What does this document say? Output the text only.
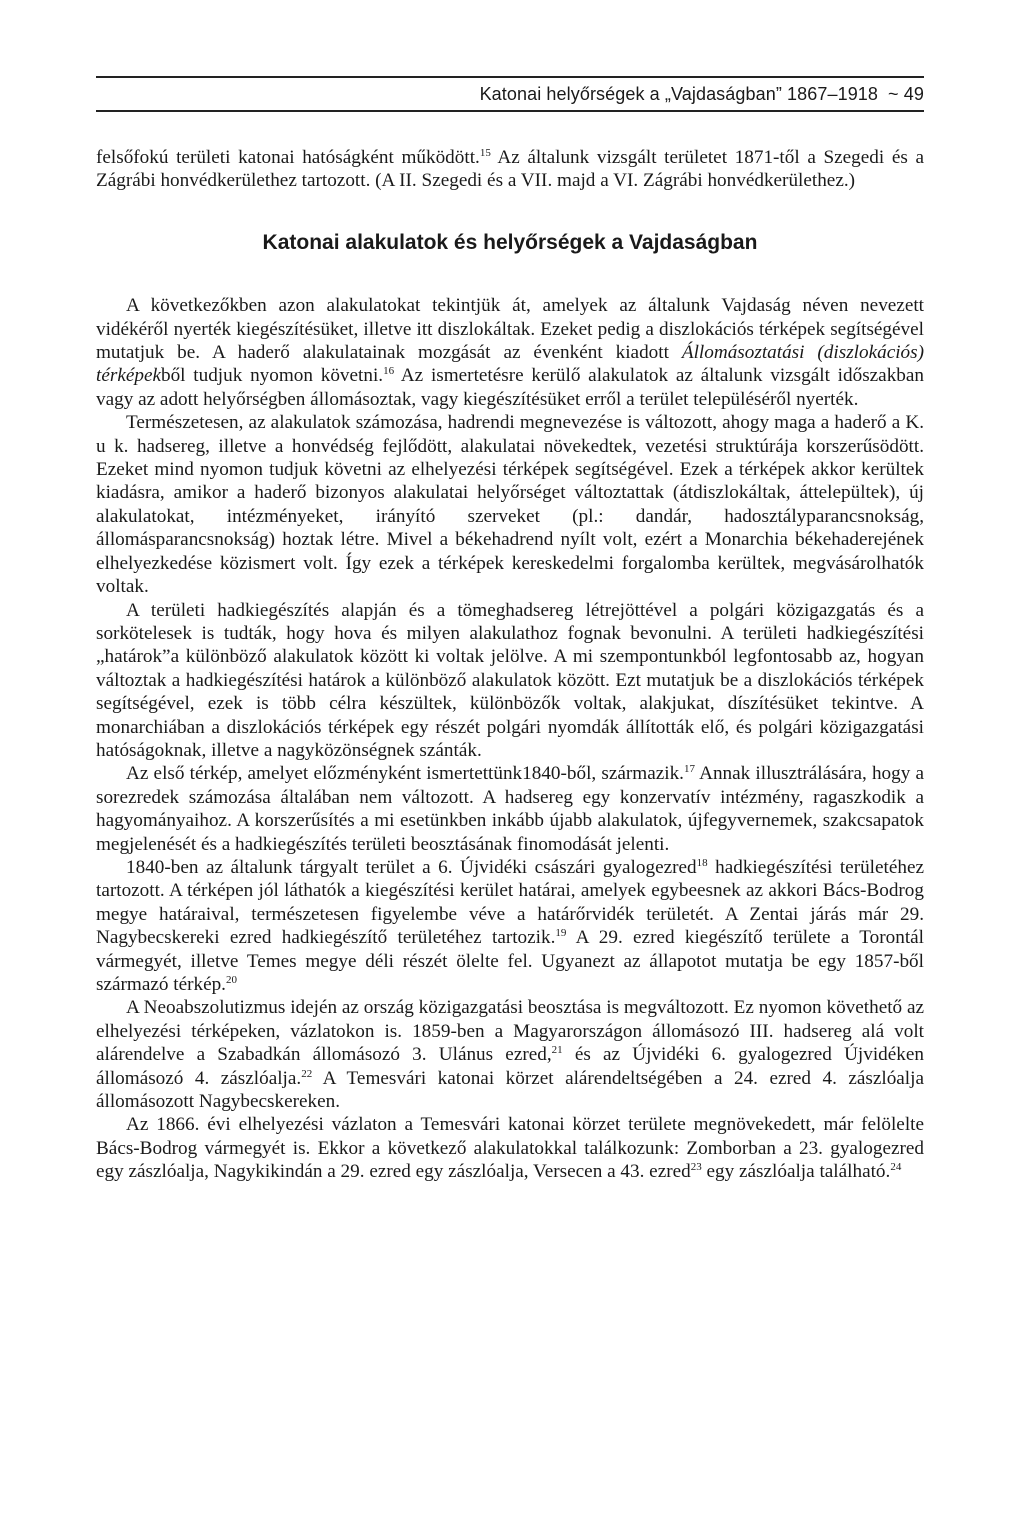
Katonai helyőrségek a „Vajdaságban” 1867–1918 ~ 49

felsőfokú területi katonai hatóságként működött.$^{15}$ Az általunk vizsgált területet 1871-től a Szegedi és a Zágrábi honvédkerülethez tartozott. (A II. Szegedi és a VII. majd a VI. Zágrábi honvédkerülethez.)

Katonai alakulatok és helyőrségek a Vajdaságban

A következőkben azon alakulatokat tekintjük át, amelyek az általunk Vajdaság néven nevezett vidékéről nyerték kiegészítésüket, illetve itt diszlokáltak. Ezeket pedig a diszlokációs térképek segítségével mutatjuk be. A haderő alakulatainak mozgását az évenként kiadott Állomásoztatási (diszlokációs) térképekből tudjuk nyomon követni.$^{16}$ Az ismertetésre kerülő alakulatok az általunk vizsgált időszakban vagy az adott helyőrségben állomásoztak, vagy kiegészítésüket erről a terület településéről nyerték.

Természetesen, az alakulatok számozása, hadrendi megnevezése is változott, ahogy maga a haderő a K. u k. hadsereg, illetve a honvédség fejlődött, alakulatai növekedtek, vezetési struktúrája korszerűsödött. Ezeket mind nyomon tudjuk követni az elhelyezési térképek segítségével. Ezek a térképek akkor kerültek kiadásra, amikor a haderő bizonyos alakulatai helyőrséget változtattak (átdiszlokáltak, áttelepültek), új alakulatokat, intézményeket, irányító szerveket (pl.: dandár, hadosztályparancsnokság, állomásparancsnokság) hoztak létre. Mivel a békehadrend nyílt volt, ezért a Monarchia békehaderejének elhelyezkedése közismert volt. Így ezek a térképek kereskedelmi forgalomba kerültek, megvásárolhatók voltak.

A területi hadkiegészítés alapján és a tömeghadsereg létrejöttével a polgári közigazgatás és a sorkötelesek is tudták, hogy hova és milyen alakulathoz fognak bevonulni. A területi hadkiegészítési „határok”a különböző alakulatok között ki voltak jelölve. A mi szempontunkból legfontosabb az, hogyan változtak a hadkiegészítési határok a különböző alakulatok között. Ezt mutatjuk be a diszlokációs térképek segítségével, ezek is több célra készültek, különbözők voltak, alakjukat, díszítésüket tekintve. A monarchiában a diszlokációs térképek egy részét polgári nyomdák állították elő, és polgári közigazgatási hatóságoknak, illetve a nagyközönségnek szánták.

Az első térkép, amelyet előzményként ismertettünk1840-ből, származik.$^{17}$ Annak illusztrálására, hogy a sorezredek számozása általában nem változott. A hadsereg egy konzervatív intézmény, ragaszkodik a hagyományaihoz. A korszerűsítés a mi esetünkben inkább újabb alakulatok, újfegyvernemek, szakcsapatok megjelenését és a hadkiegészítés területi beosztásának finomodását jelenti.

1840-ben az általunk tárgyalt terület a 6. Újvidéki császári gyalogezred$^{18}$ hadkiegészítési területéhez tartozott. A térképen jól láthatók a kiegészítési kerület határai, amelyek egybeesnek az akkori Bács-Bodrog megye határaival, természetesen figyelembe véve a határőrvidék területét. A Zentai járás már 29. Nagybecskereki ezred hadkiegészítő területéhez tartozik.$^{19}$ A 29. ezred kiegészítő területe a Torontál vármegyét, illetve Temes megye déli részét ölelte fel. Ugyanezt az állapotot mutatja be egy 1857-ből származó térkép.$^{20}$

A Neoabszolutizmus idején az ország közigazgatási beosztása is megváltozott. Ez nyomon követhető az elhelyezési térképeken, vázlatokon is. 1859-ben a Magyarországon állomásozó III. hadsereg alá volt alárendelve a Szabadkán állomásozó 3. Ulánus ezred,$^{21}$ és az Újvidéki 6. gyalogezred Újvidéken állomásozó 4. zászlóalja.$^{22}$ A Temesvári katonai körzet alárendeltségében a 24. ezred 4. zászlóalja állomásozott Nagybecskereken.

Az 1866. évi elhelyezési vázlaton a Temesvári katonai körzet területe megnövekedett, már felölelte Bács-Bodrog vármegyét is. Ekkor a következő alakulatokkal találkozunk: Zomborban a 23. gyalogezred egy zászlóalja, Nagykikindán a 29. ezred egy zászlóalja, Versecen a 43. ezred$^{23}$ egy zászlóalja található.$^{24}$
